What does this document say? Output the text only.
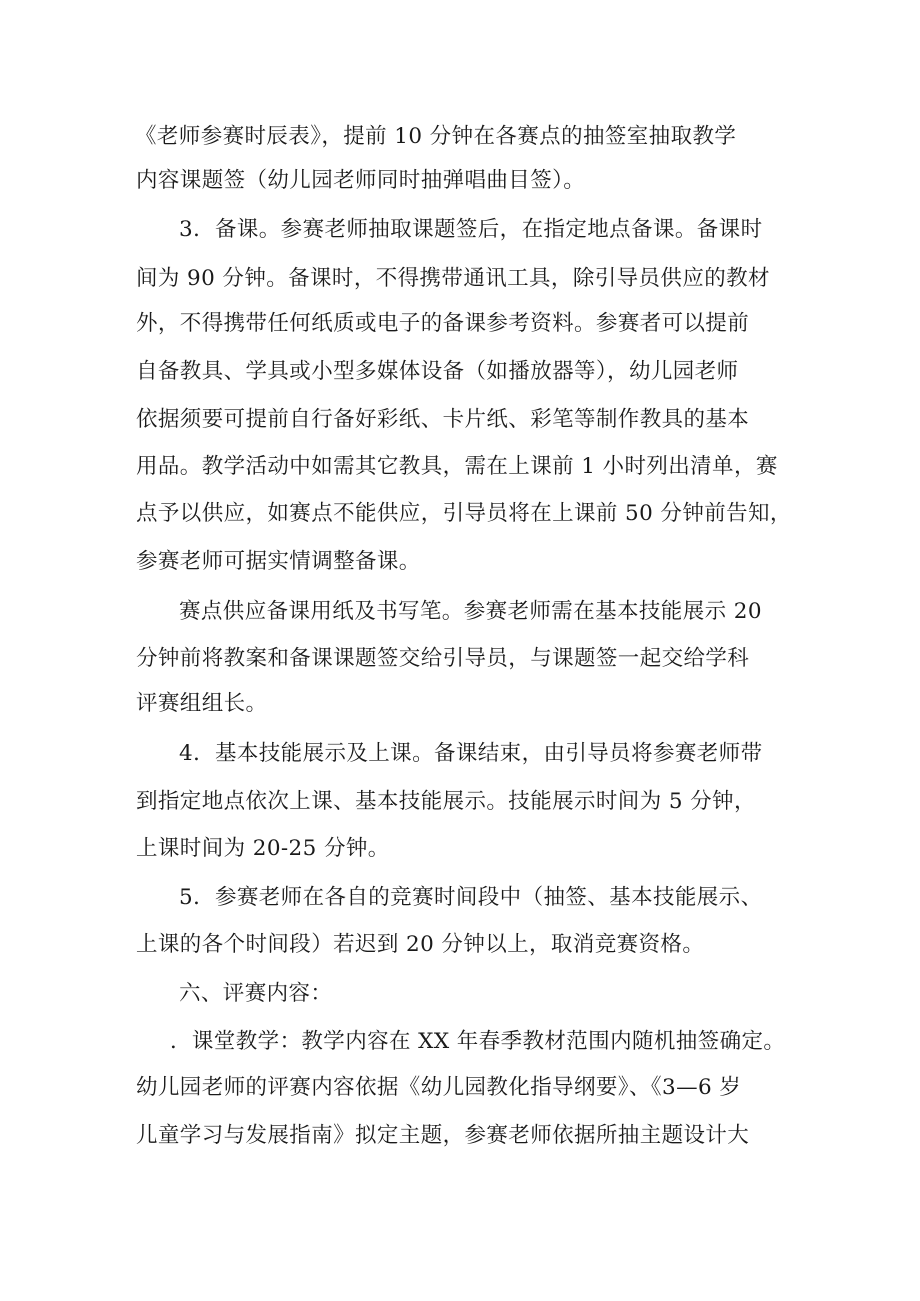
《老师参赛时辰表》，提前 10 分钟在各赛点的抽签室抽取教学
内容课题签（幼儿园老师同时抽弹唱曲目签）。
3．备课。参赛老师抽取课题签后，在指定地点备课。备课时
间为 90 分钟。备课时，不得携带通讯工具，除引导员供应的教材
外，不得携带任何纸质或电子的备课参考资料。参赛者可以提前
自备教具、学具或小型多媒体设备（如播放器等），幼儿园老师
依据须要可提前自行备好彩纸、卡片纸、彩笔等制作教具的基本
用品。教学活动中如需其它教具，需在上课前 1 小时列出清单，赛
点予以供应，如赛点不能供应，引导员将在上课前 50 分钟前告知，
参赛老师可据实情调整备课。
赛点供应备课用纸及书写笔。参赛老师需在基本技能展示 20
分钟前将教案和备课课题签交给引导员，与课题签一起交给学科
评赛组组长。
4．基本技能展示及上课。备课结束，由引导员将参赛老师带
到指定地点依次上课、基本技能展示。技能展示时间为 5 分钟，
上课时间为 20-25 分钟。
5．参赛老师在各自的竞赛时间段中（抽签、基本技能展示、
上课的各个时间段）若迟到 20 分钟以上，取消竞赛资格。
六、评赛内容：
．课堂教学：教学内容在 XX 年春季教材范围内随机抽签确定。
幼儿园老师的评赛内容依据《幼儿园教化指导纲要》、《3—6 岁
儿童学习与发展指南》拟定主题，参赛老师依据所抽主题设计大
